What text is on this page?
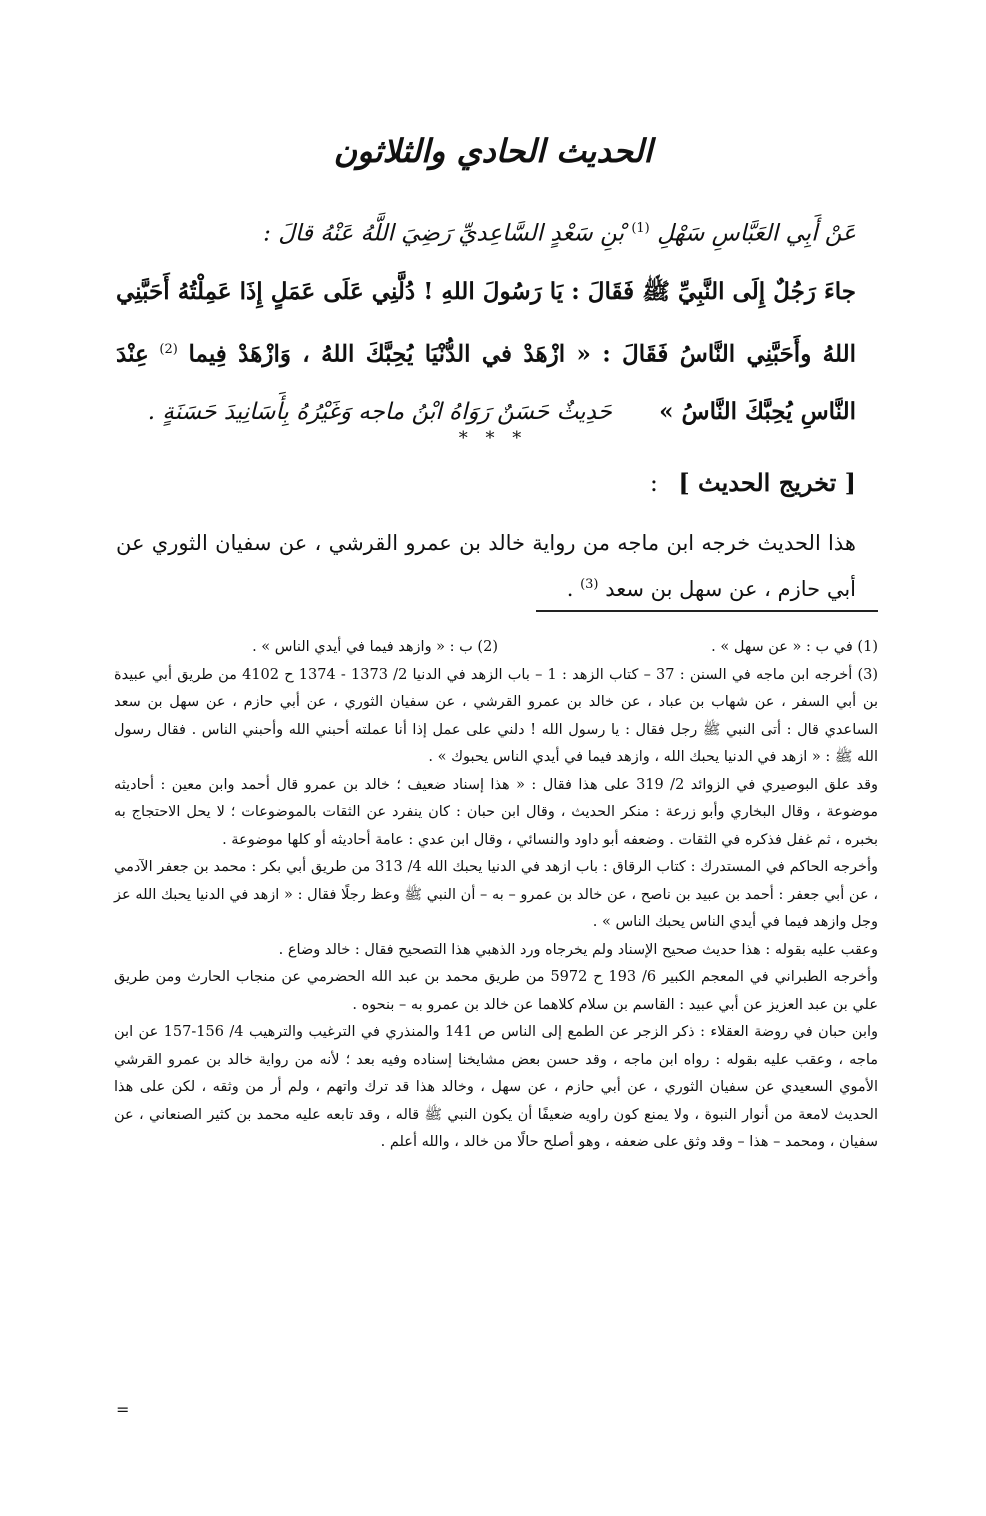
الحديث الحادي والثلاثون

عَنْ أَبِي العَبَّاسِ سَهْلِ $^{(1)}$ بْنِ سَعْدٍ السَّاعِديِّ رَضِيَ اللَّهُ عَنْهُ قالَ :

جاءَ رَجُلٌ إِلَى النَّبِيِّ ﷺ فَقَالَ : يَا رَسُولَ اللهِ ! دُلَّنِي عَلَى عَمَلٍ إِذَا عَمِلْتُهُ أَحَبَّنِي اللهُ وأَحَبَّنِي النَّاسُ فَقَالَ : « ازْهَدْ في الدُّنْيَا يُحِبَّكَ اللهُ ، وَازْهَدْ فِيما $^{(2)}$ عِنْدَ النَّاسِ يُحِبَّكَ النَّاسُ » حَدِيثٌ حَسَنٌ رَوَاهُ ابْنُ ماجه وَغَيْرُهُ بِأَسَانِيدَ حَسَنَةٍ .

* * *
[ تخريج الحديث ] :

هذا الحديث خرجه ابن ماجه من رواية خالد بن عمرو القرشي ، عن سفيان الثوري عن أبي حازم ، عن سهل بن سعد $^{(3)}$ .

(1) في ب : « عن سهل » .
(2) ب : « وازهد فيما في أيدي الناس » .

(3) أخرجه ابن ماجه في السنن : 37 – كتاب الزهد : 1 – باب الزهد في الدنيا 2/ 1373 - 1374 ح 4102 من طريق أبي عبيدة بن أبي السفر ، عن شهاب بن عباد ، عن خالد بن عمرو القرشي ، عن سفيان الثوري ، عن أبي حازم ، عن سهل بن سعد الساعدي قال : أتى النبي ﷺ رجل فقال : يا رسول الله ! دلني على عمل إذا أنا عملته أحبني الله وأحبني الناس . فقال رسول الله ﷺ : « ازهد في الدنيا يحبك الله ، وازهد فيما في أيدي الناس يحبوك » .

وقد علق البوصيري في الزوائد 2/ 319 على هذا فقال : « هذا إسناد ضعيف ؛ خالد بن عمرو قال أحمد وابن معين : أحاديثه موضوعة ، وقال البخاري وأبو زرعة : منكر الحديث ، وقال ابن حبان : كان ينفرد عن الثقات بالموضوعات ؛ لا يحل الاحتجاج به بخبره ، ثم غفل فذكره في الثقات . وضعفه أبو داود والنسائي ، وقال ابن عدي : عامة أحاديثه أو كلها موضوعة .

وأخرجه الحاكم في المستدرك : كتاب الرقاق : باب ازهد في الدنيا يحبك الله 4/ 313 من طريق أبي بكر : محمد بن جعفر الآدمي ، عن أبي جعفر : أحمد بن عبيد بن ناصح ، عن خالد بن عمرو – به – أن النبي ﷺ وعظ رجلًا فقال : « ازهد في الدنيا يحبك الله عز وجل وازهد فيما في أيدي الناس يحبك الناس » .

وعقب عليه بقوله : هذا حديث صحيح الإسناد ولم يخرجاه ورد الذهبي هذا التصحيح فقال : خالد وضاع .

وأخرجه الطبراني في المعجم الكبير 6/ 193 ح 5972 من طريق محمد بن عبد الله الحضرمي عن منجاب الحارث ومن طريق علي بن عبد العزيز عن أبي عبيد : القاسم بن سلام كلاهما عن خالد بن عمرو به – بنحوه .

وابن حبان في روضة العقلاء : ذكر الزجر عن الطمع إلى الناس ص 141 والمنذري في الترغيب والترهيب 4/ 156-157 عن ابن ماجه ، وعقب عليه بقوله : رواه ابن ماجه ، وقد حسن بعض مشايخنا إسناده وفيه بعد ؛ لأنه من رواية خالد بن عمرو القرشي الأموي السعيدي عن سفيان الثوري ، عن أبي حازم ، عن سهل ، وخالد هذا قد ترك واتهم ، ولم أر من وثقه ، لكن على هذا الحديث لامعة من أنوار النبوة ، ولا يمنع كون راويه ضعيفًا أن يكون النبي ﷺ قاله ، وقد تابعه عليه محمد بن كثير الصنعاني ، عن سفيان ، ومحمد – هذا – وقد وثق على ضعفه ، وهو أصلح حالًا من خالد ، والله أعلم .

=
